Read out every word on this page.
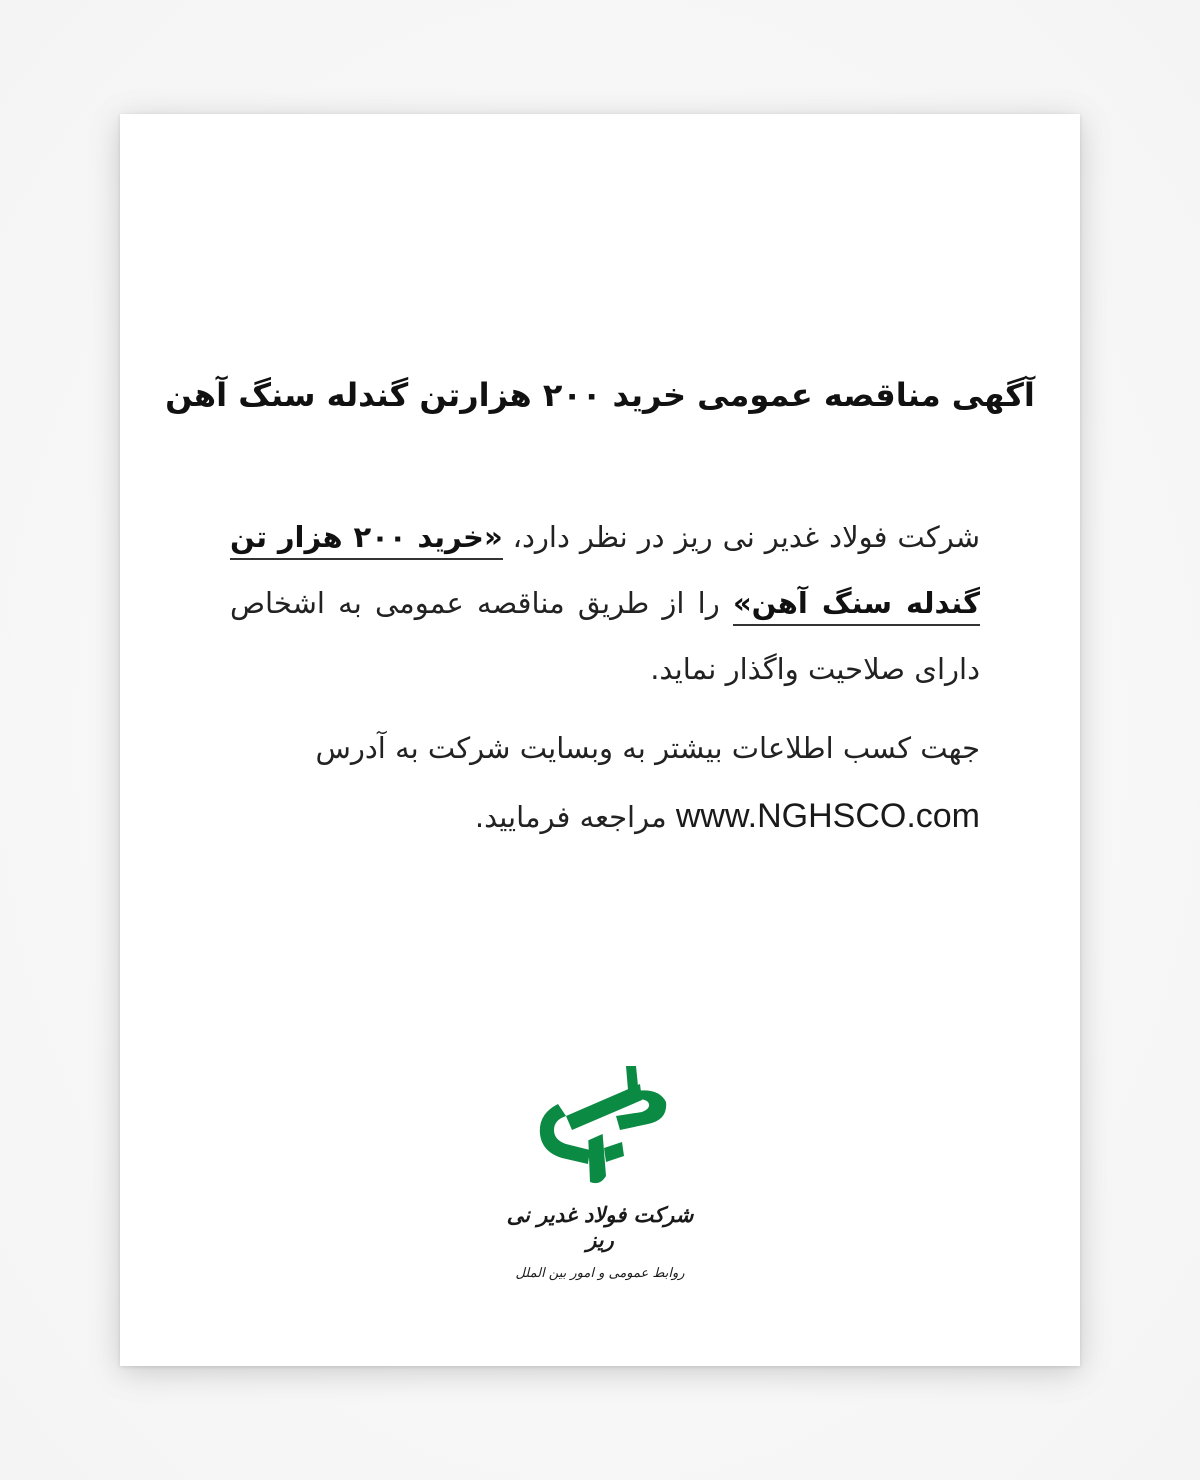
آگهی مناقصه عمومی خرید ۲۰۰ هزارتن گندله سنگ آهن

شرکت فولاد غدیر نی ریز در نظر دارد، «خرید ۲۰۰ هزار تن گندله سنگ آهن» را از طریق مناقصه عمومی به اشخاص دارای صلاحیت واگذار نماید.

جهت کسب اطلاعات بیشتر به وبسایت شرکت به آدرس www.NGHSCO.com مراجعه فرمایید.

شرکت فولاد غدیر نی ریز

روابط عمومی و امور بین الملل
